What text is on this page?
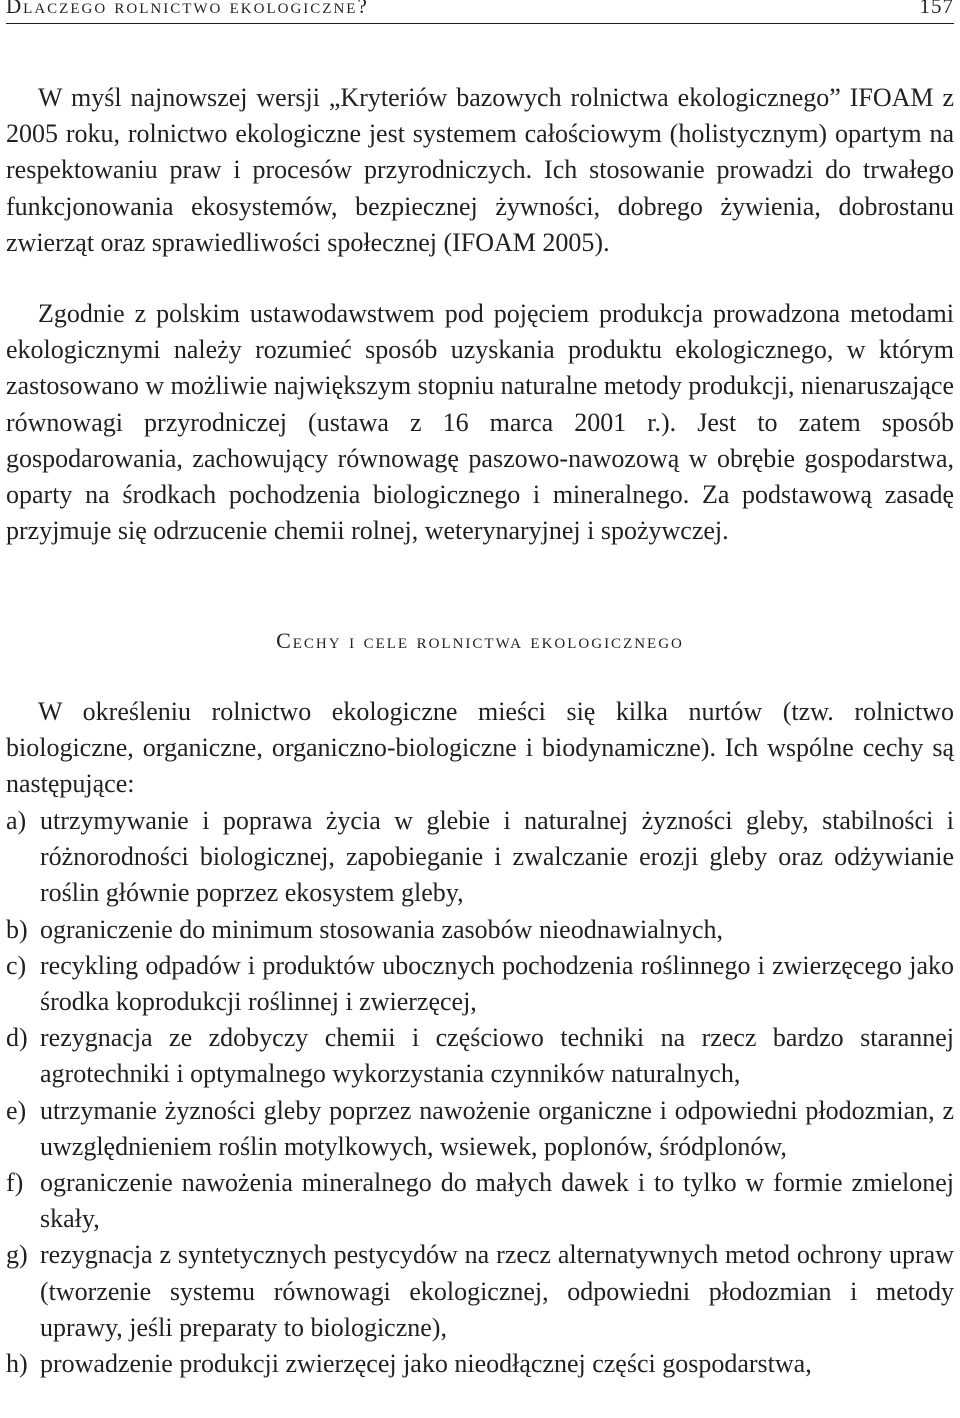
Dlaczego rolnictwo ekologiczne?	157

W myśl najnowszej wersji „Kryteriów bazowych rolnictwa ekologicznego” IFOAM z 2005 roku, rolnictwo ekologiczne jest systemem całościowym (holistycznym) opartym na respektowaniu praw i procesów przyrodniczych. Ich stosowanie prowadzi do trwałego funkcjonowania ekosystemów, bezpiecznej żywności, dobrego żywienia, dobrostanu zwierząt oraz sprawiedliwości społecznej (IFOAM 2005).

Zgodnie z polskim ustawodawstwem pod pojęciem produkcja prowadzona metodami ekologicznymi należy rozumieć sposób uzyskania produktu ekologicznego, w którym zastosowano w możliwie największym stopniu naturalne metody produkcji, nienaruszające równowagi przyrodniczej (ustawa z 16 marca 2001 r.). Jest to zatem sposób gospodarowania, zachowujący równowagę paszowo-nawozową w obrębie gospodarstwa, oparty na środkach pochodzenia biologicznego i mineralnego. Za podstawową zasadę przyjmuje się odrzucenie chemii rolnej, weterynaryjnej i spożywczej.

Cechy i cele rolnictwa ekologicznego

W określeniu rolnictwo ekologiczne mieści się kilka nurtów (tzw. rolnictwo biologiczne, organiczne, organiczno-biologiczne i biodynamiczne). Ich wspólne cechy są następujące:

a) utrzymywanie i poprawa życia w glebie i naturalnej żyzności gleby, stabilności i różnorodności biologicznej, zapobieganie i zwalczanie erozji gleby oraz odżywianie roślin głównie poprzez ekosystem gleby,
b) ograniczenie do minimum stosowania zasobów nieodnawialnych,
c) recykling odpadów i produktów ubocznych pochodzenia roślinnego i zwierzęcego jako środka koprodukcji roślinnej i zwierzęcej,
d) rezygnacja ze zdobyczy chemii i częściowo techniki na rzecz bardzo starannej agrotechniki i optymalnego wykorzystania czynników naturalnych,
e) utrzymanie żyzności gleby poprzez nawożenie organiczne i odpowiedni płodozmian, z uwzględnieniem roślin motylkowych, wsiewek, poplonów, śródplonów,
f) ograniczenie nawożenia mineralnego do małych dawek i to tylko w formie zmielonej skały,
g) rezygnacja z syntetycznych pestycydów na rzecz alternatywnych metod ochrony upraw (tworzenie systemu równowagi ekologicznej, odpowiedni płodozmian i metody uprawy, jeśli preparaty to biologiczne),
h) prowadzenie produkcji zwierzęcej jako nieodłącznej części gospodarstwa,
